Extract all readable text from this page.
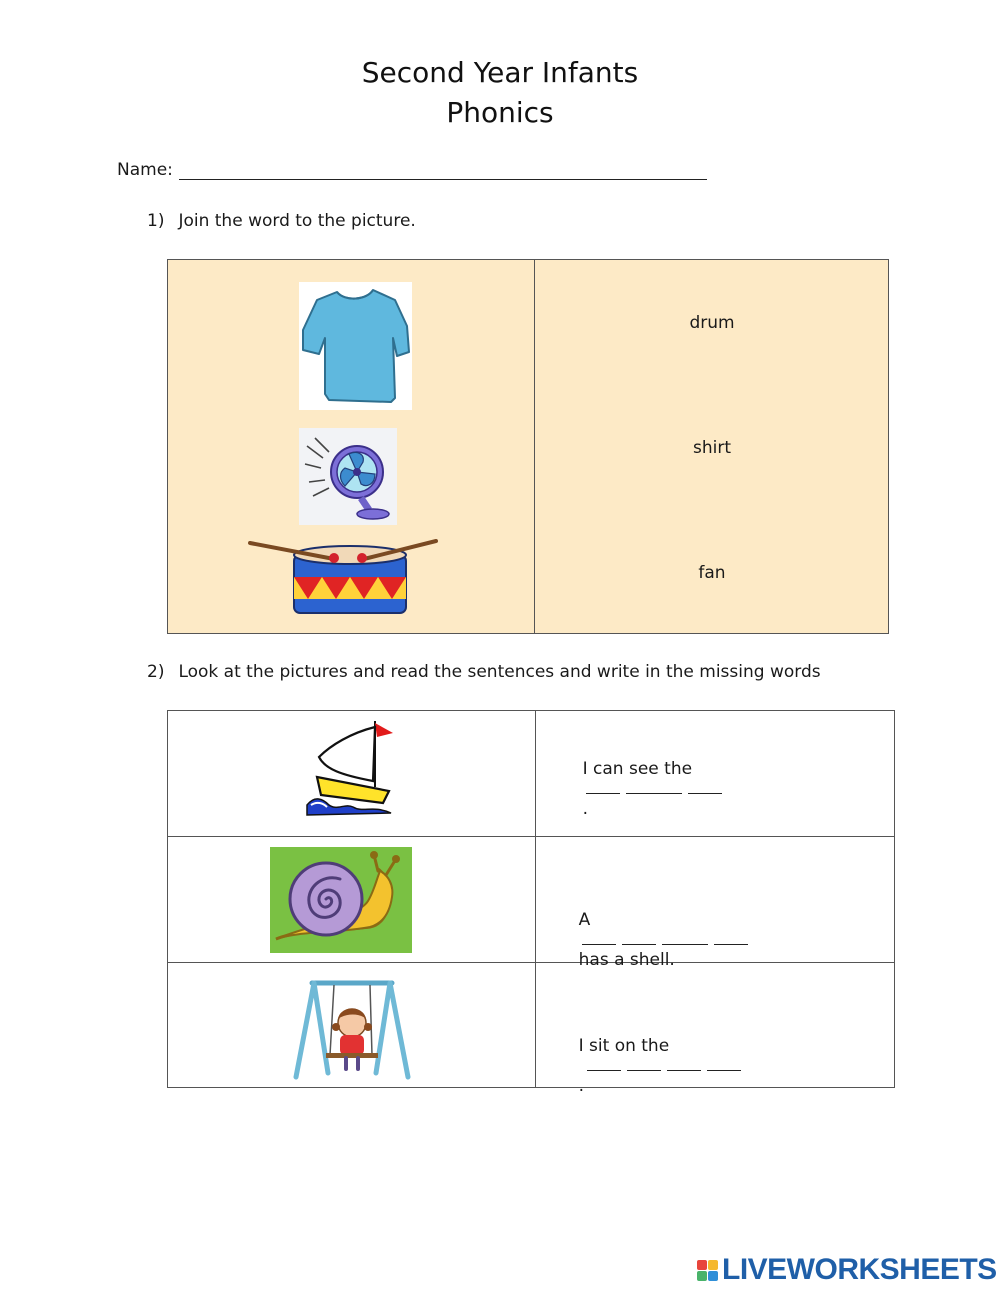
Second Year Infants
Phonics
Name:
1) Join the word to the picture.
drum
shirt
fan
2) Look at the pictures and read the sentences and write in the missing words

I can see the

.

A

has a shell.

I sit on the

.

LIVEWORKSHEETS
